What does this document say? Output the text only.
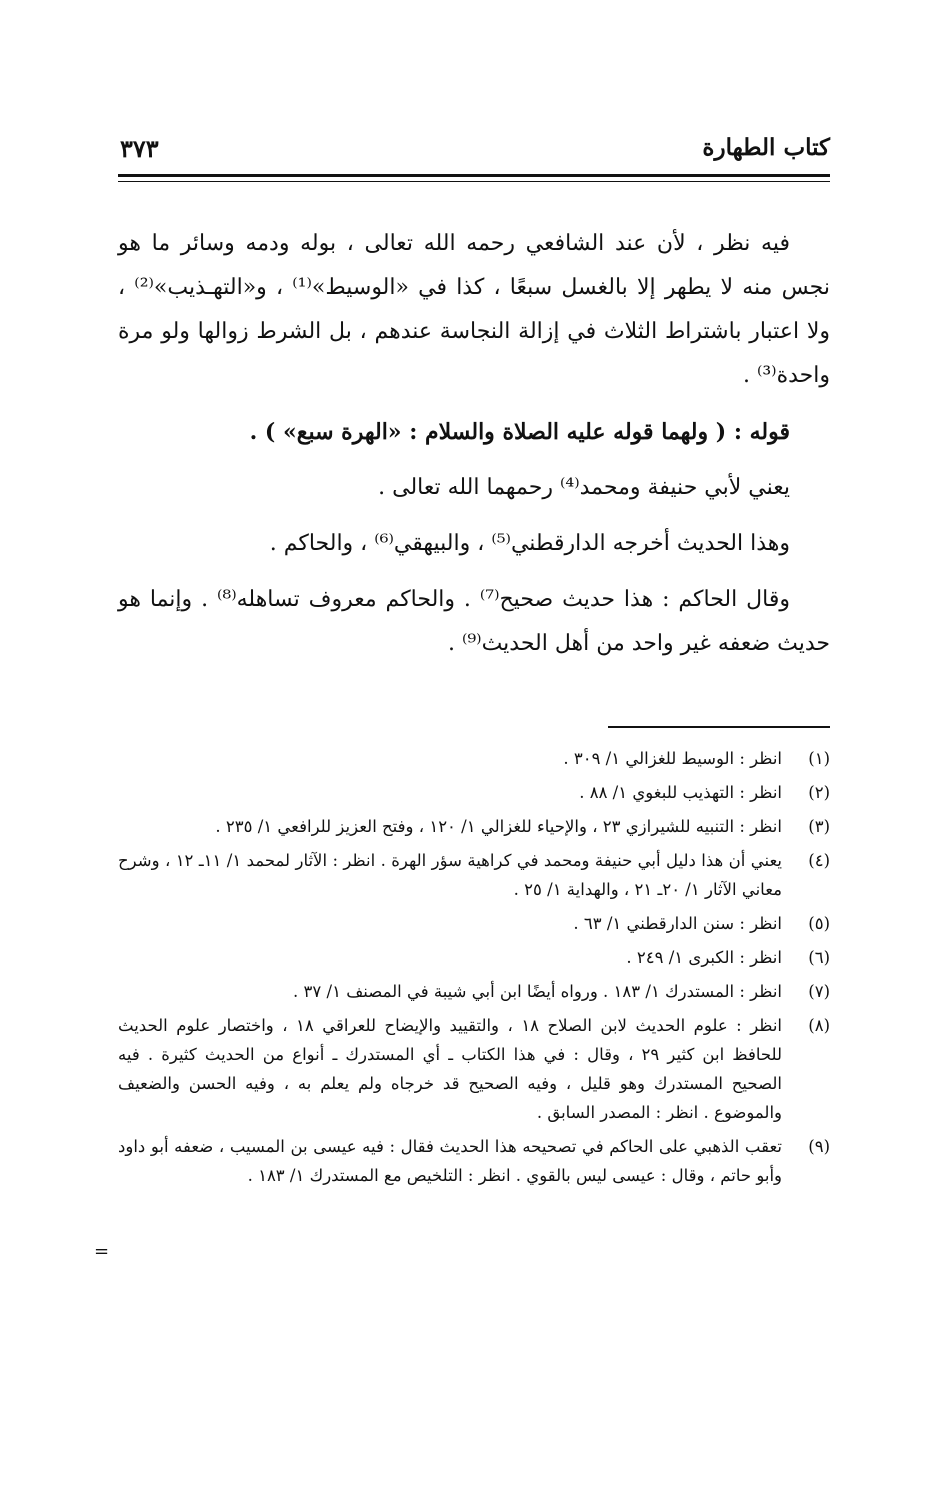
كتاب الطهارة
٣٧٣

فيه نظر ، لأن عند الشافعي رحمه الله تعالى ، بوله ودمه وسائر ما هو نجس منه لا يطهر إلا بالغسل سبعًا ، كذا في «الوسيط»⁽¹⁾ ، و«التهـذيب»⁽²⁾ ، ولا اعتبار باشتراط الثلاث في إزالة النجاسة عندهم ، بل الشرط زوالها ولو مرة واحدة⁽³⁾ .

قوله : ( ولهما قوله عليه الصلاة والسلام : «الهرة سبع» ) .

يعني لأبي حنيفة ومحمد⁽⁴⁾ رحمهما الله تعالى .

وهذا الحديث أخرجه الدارقطني⁽⁵⁾ ، والبيهقي⁽⁶⁾ ، والحاكم .

وقال الحاكم : هذا حديث صحيح⁽⁷⁾ . والحاكم معروف تساهله⁽⁸⁾ . وإنما هو حديث ضعفه غير واحد من أهل الحديث⁽⁹⁾ .

(١)
انظر : الوسيط للغزالي ١/ ٣٠٩ .
(٢)
انظر : التهذيب للبغوي ١/ ٨٨ .
(٣)
انظر : التنبيه للشيرازي ٢٣ ، والإحياء للغزالي ١/ ١٢٠ ، وفتح العزيز للرافعي ١/ ٢٣٥ .
(٤)
يعني أن هذا دليل أبي حنيفة ومحمد في كراهية سؤر الهرة . انظر : الآثار لمحمد ١/ ١١ـ ١٢ ، وشرح معاني الآثار ١/ ٢٠ـ ٢١ ، والهداية ١/ ٢٥ .
(٥)
انظر : سنن الدارقطني ١/ ٦٣ .
(٦)
انظر : الكبرى ١/ ٢٤٩ .
(٧)
انظر : المستدرك ١/ ١٨٣ . ورواه أيضًا ابن أبي شيبة في المصنف ١/ ٣٧ .
(٨)
انظر : علوم الحديث لابن الصلاح ١٨ ، والتقييد والإيضاح للعراقي ١٨ ، واختصار علوم الحديث للحافظ ابن كثير ٢٩ ، وقال : في هذا الكتاب ـ أي المستدرك ـ أنواع من الحديث كثيرة . فيه الصحيح المستدرك وهو قليل ، وفيه الصحيح قد خرجاه ولم يعلم به ، وفيه الحسن والضعيف والموضوع . انظر : المصدر السابق .
(٩)
تعقب الذهبي على الحاكم في تصحيحه هذا الحديث فقال : فيه عيسى بن المسيب ، ضعفه أبو داود وأبو حاتم ، وقال : عيسى ليس بالقوي . انظر : التلخيص مع المستدرك ١/ ١٨٣ .
=
